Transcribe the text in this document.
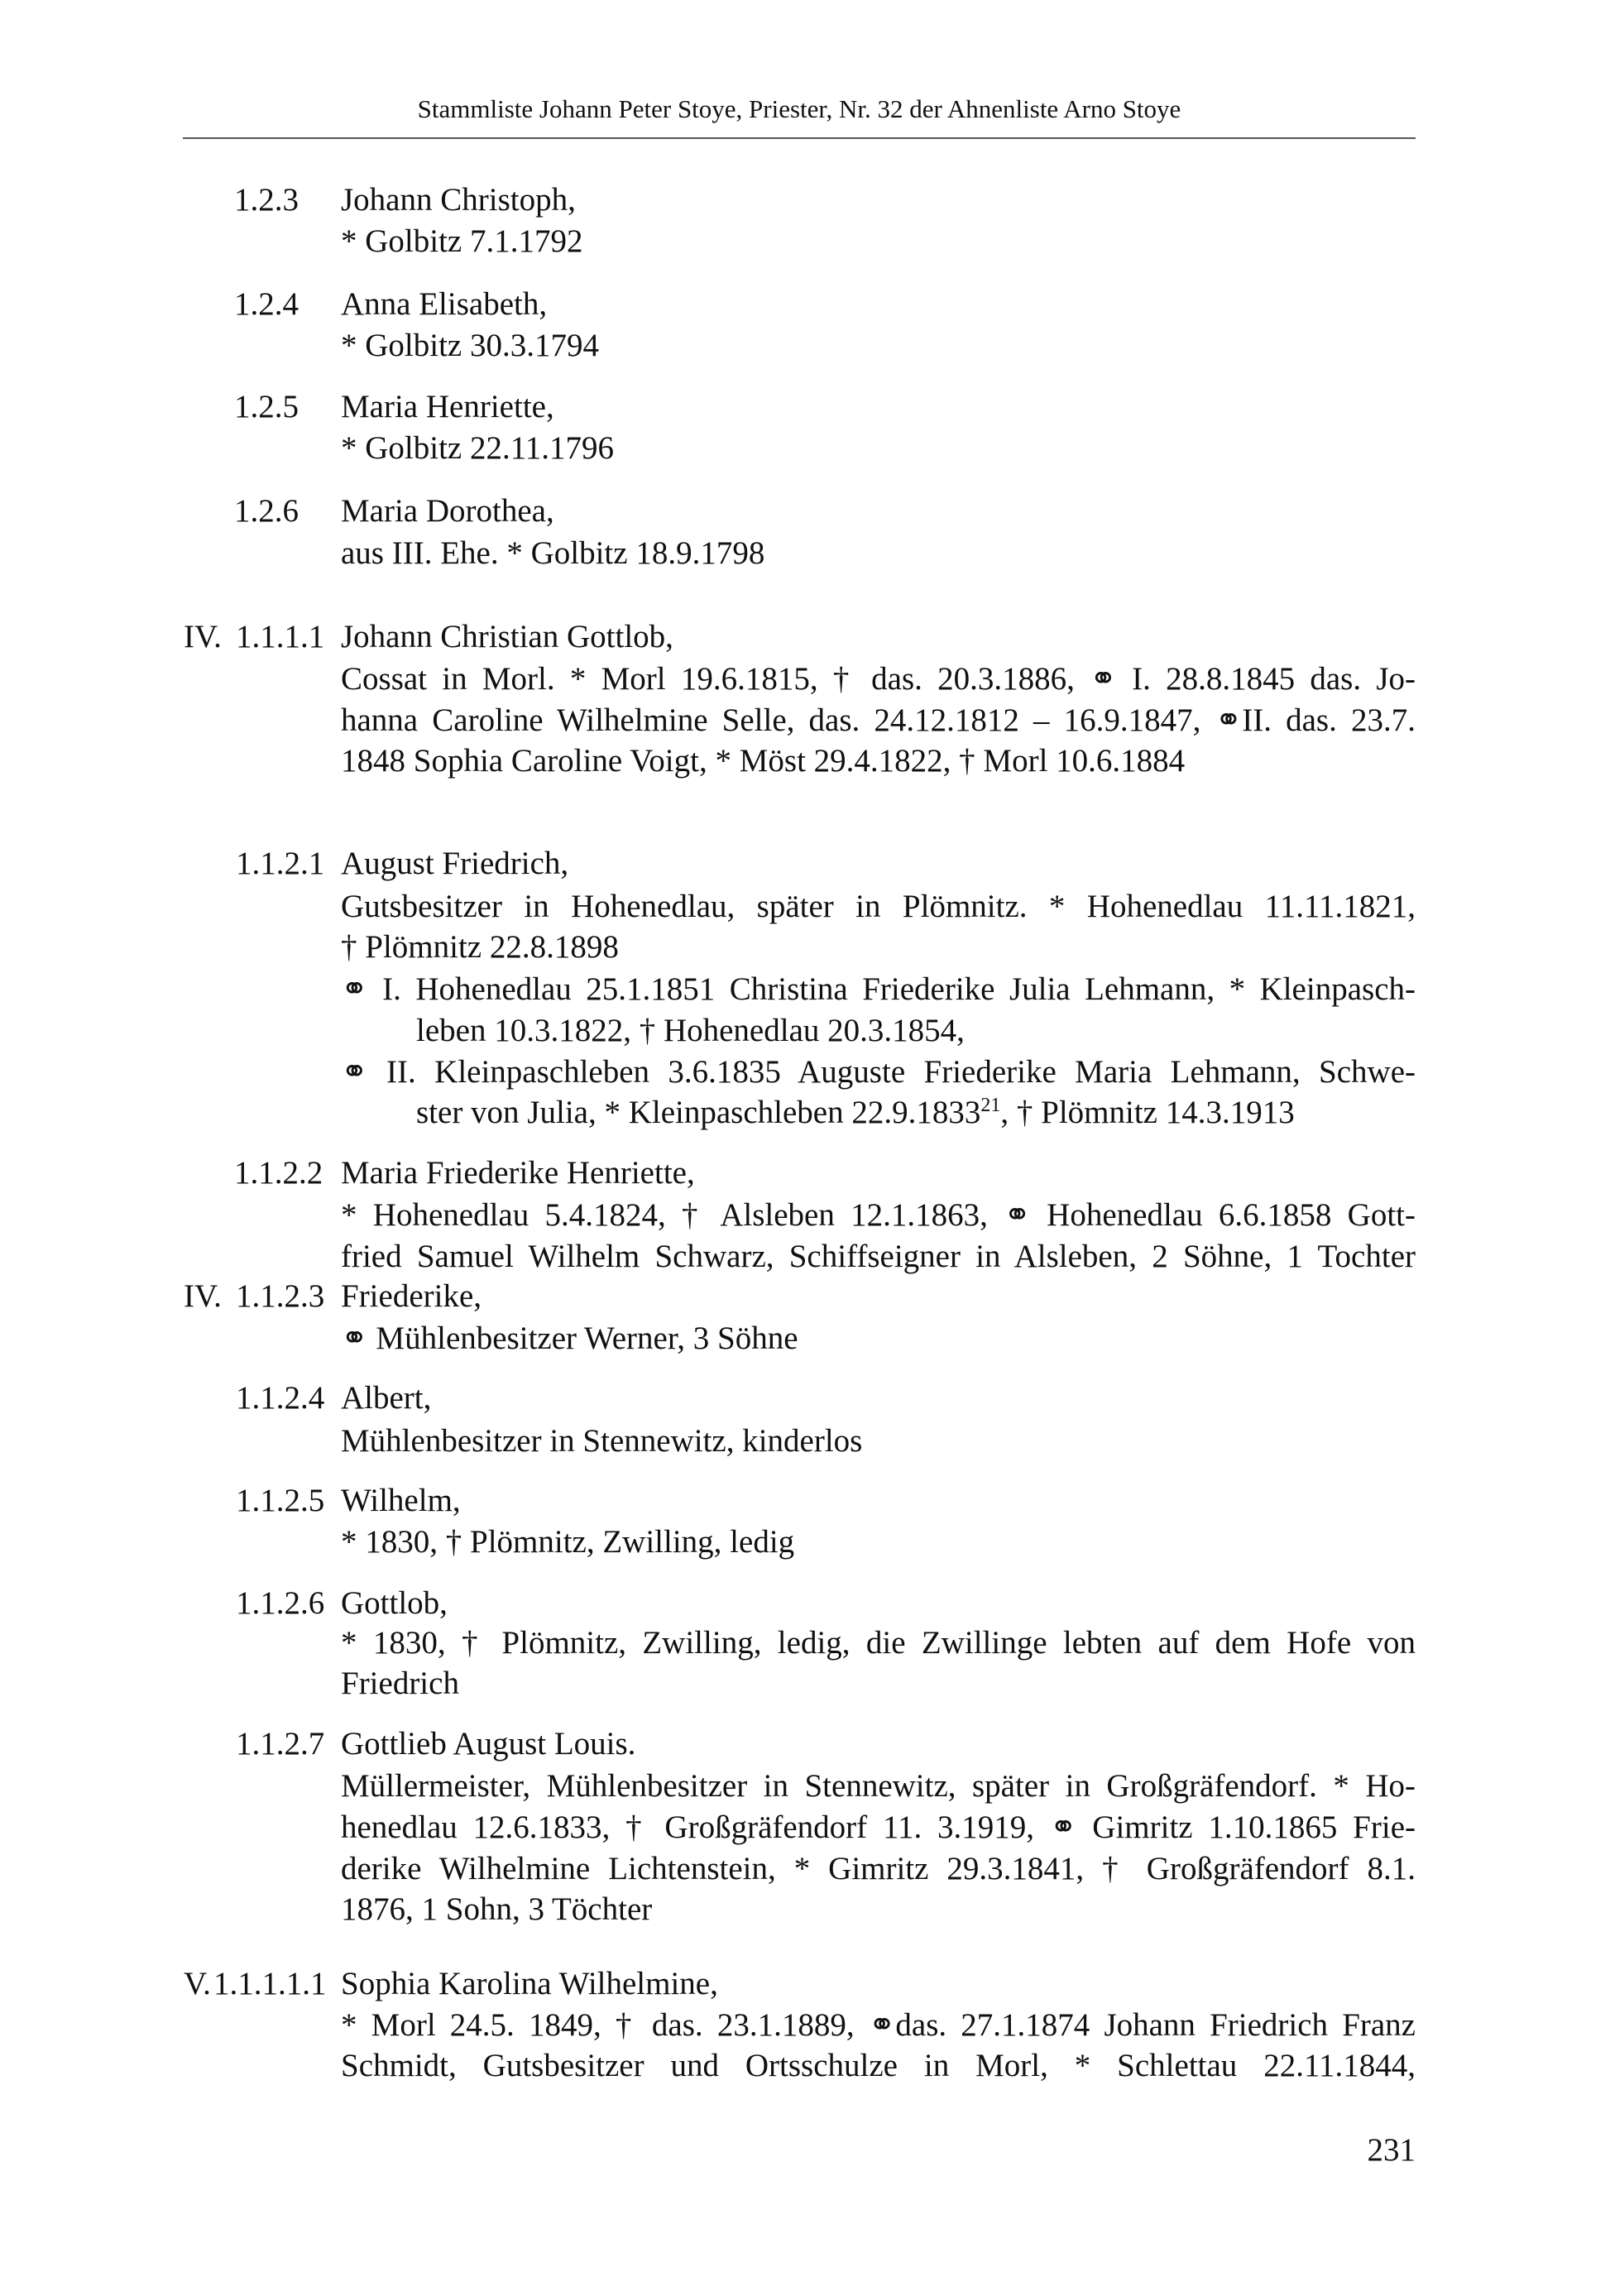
Stammliste Johann Peter Stoye, Priester, Nr. 32 der Ahnenliste Arno Stoye
1.2.3 Johann Christoph,
* Golbitz 7.1.1792
1.2.4 Anna Elisabeth,
* Golbitz 30.3.1794
1.2.5 Maria Henriette,
* Golbitz 22.11.1796
1.2.6 Maria Dorothea,
aus III. Ehe. * Golbitz 18.9.1798
IV. 1.1.1.1 Johann Christian Gottlob,
Cossat in Morl. * Morl 19.6.1815, † das. 20.3.1886, ⚭ I. 28.8.1845 das. Jo-
hanna Caroline Wilhelmine Selle, das. 24.12.1812 – 16.9.1847, ⚭II. das. 23.7.
1848 Sophia Caroline Voigt, * Möst 29.4.1822, † Morl 10.6.1884
1.1.2.1 August Friedrich,
Gutsbesitzer in Hohenedlau, später in Plömnitz. * Hohenedlau 11.11.1821,
† Plömnitz 22.8.1898
⚭ I. Hohenedlau 25.1.1851 Christina Friederike Julia Lehmann, * Kleinpasch-
leben 10.3.1822, † Hohenedlau 20.3.1854,
⚭ II. Kleinpaschleben 3.6.1835 Auguste Friederike Maria Lehmann, Schwe-
ster von Julia, * Kleinpaschleben 22.9.1833$^{21}$, † Plömnitz 14.3.1913
1.1.2.2 Maria Friederike Henriette,
* Hohenedlau 5.4.1824, † Alsleben 12.1.1863, ⚭ Hohenedlau 6.6.1858 Gott-
fried Samuel Wilhelm Schwarz, Schiffseigner in Alsleben, 2 Söhne, 1 Tochter
IV. 1.1.2.3 Friederike,
⚭ Mühlenbesitzer Werner, 3 Söhne
1.1.2.4 Albert,
Mühlenbesitzer in Stennewitz, kinderlos
1.1.2.5 Wilhelm,
* 1830, † Plömnitz, Zwilling, ledig
1.1.2.6 Gottlob,
* 1830, † Plömnitz, Zwilling, ledig, die Zwillinge lebten auf dem Hofe von
Friedrich
1.1.2.7 Gottlieb August Louis.
Müllermeister, Mühlenbesitzer in Stennewitz, später in Großgräfendorf. * Ho-
henedlau 12.6.1833, † Großgräfendorf 11. 3.1919, ⚭ Gimritz 1.10.1865 Frie-
derike Wilhelmine Lichtenstein, * Gimritz 29.3.1841, † Großgräfendorf 8.1.
1876, 1 Sohn, 3 Töchter
V. 1.1.1.1.1 Sophia Karolina Wilhelmine,
* Morl 24.5. 1849, † das. 23.1.1889, ⚭das. 27.1.1874 Johann Friedrich Franz
Schmidt, Gutsbesitzer und Ortsschulze in Morl, * Schlettau 22.11.1844,
231
